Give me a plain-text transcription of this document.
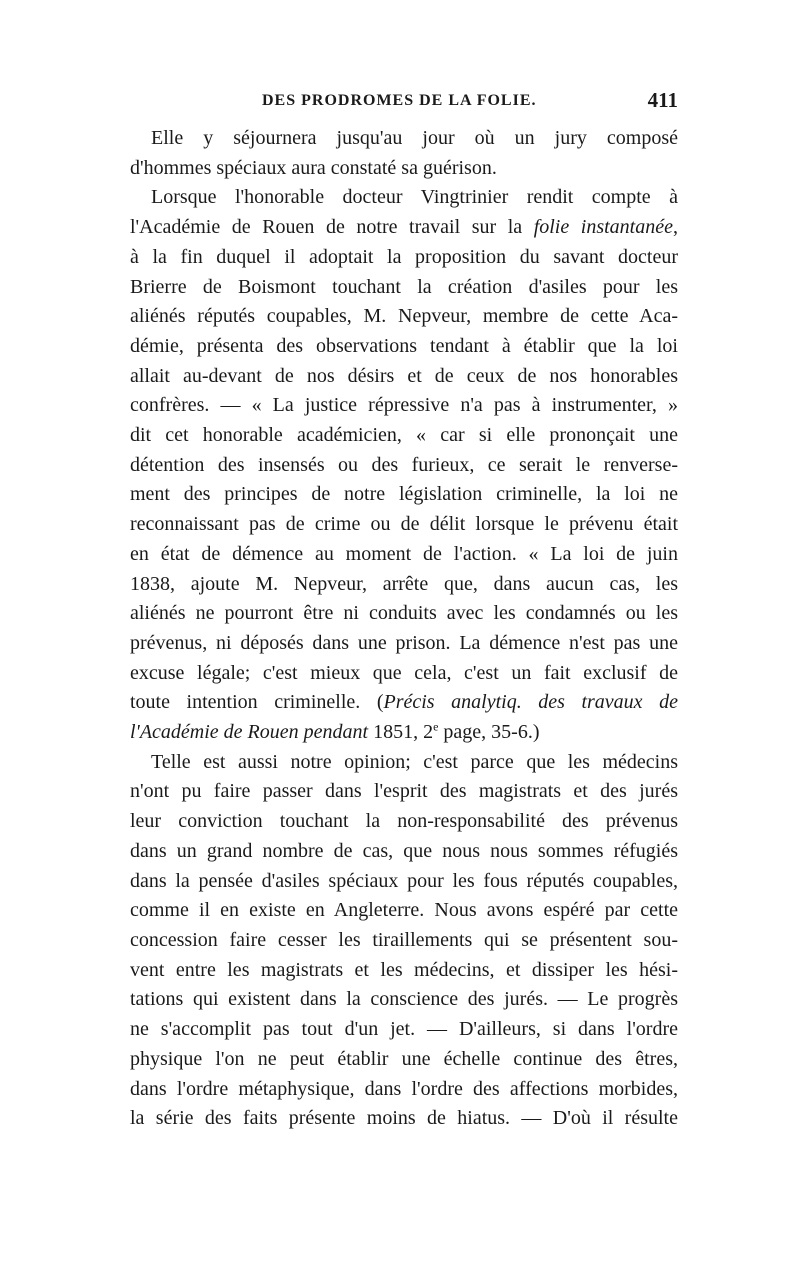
DES PRODROMES DE LA FOLIE.	411
Elle y séjournera jusqu'au jour où un jury composé
d'hommes spéciaux aura constaté sa guérison.
Lorsque l'honorable docteur Vingtrinier rendit compte à
l'Académie de Rouen de notre travail sur la folie instantanée,
à la fin duquel il adoptait la proposition du savant docteur
Brierre de Boismont touchant la création d'asiles pour les
aliénés réputés coupables, M. Nepveur, membre de cette Aca-
démie, présenta des observations tendant à établir que la loi
allait au-devant de nos désirs et de ceux de nos honorables
confrères. — « La justice répressive n'a pas à instrumenter, »
dit cet honorable académicien, « car si elle prononçait une
détention des insensés ou des furieux, ce serait le renverse-
ment des principes de notre législation criminelle, la loi ne
reconnaissant pas de crime ou de délit lorsque le prévenu était
en état de démence au moment de l'action. « La loi de juin
1838, ajoute M. Nepveur, arrête que, dans aucun cas, les
aliénés ne pourront être ni conduits avec les condamnés ou les
prévenus, ni déposés dans une prison. La démence n'est pas une
excuse légale; c'est mieux que cela, c'est un fait exclusif de
toute intention criminelle. (Précis analytiq. des travaux de
l'Académie de Rouen pendant 1851, 2e page, 35-6.)
Telle est aussi notre opinion; c'est parce que les médecins
n'ont pu faire passer dans l'esprit des magistrats et des jurés
leur conviction touchant la non-responsabilité des prévenus
dans un grand nombre de cas, que nous nous sommes réfugiés
dans la pensée d'asiles spéciaux pour les fous réputés coupables,
comme il en existe en Angleterre. Nous avons espéré par cette
concession faire cesser les tiraillements qui se présentent sou-
vent entre les magistrats et les médecins, et dissiper les hési-
tations qui existent dans la conscience des jurés. — Le progrès
ne s'accomplit pas tout d'un jet. — D'ailleurs, si dans l'ordre
physique l'on ne peut établir une échelle continue des êtres,
dans l'ordre métaphysique, dans l'ordre des affections morbides,
la série des faits présente moins de hiatus. — D'où il résulte
